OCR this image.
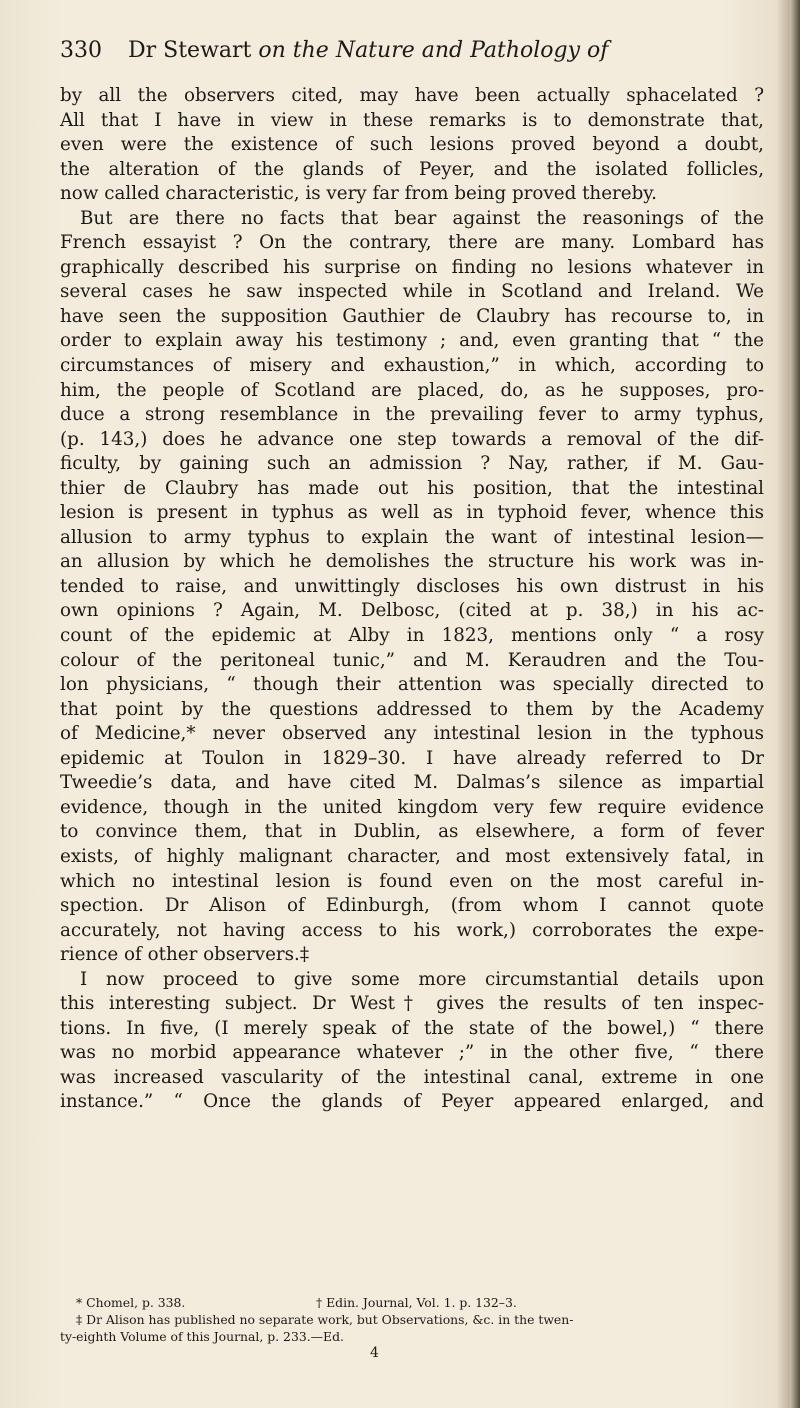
330 Dr Stewart on the Nature and Pathology of
by all the observers cited, may have been actually sphacelated ?
All that I have in view in these remarks is to demonstrate that,
even were the existence of such lesions proved beyond a doubt,
the alteration of the glands of Peyer, and the isolated follicles,
now called characteristic, is very far from being proved thereby.
But are there no facts that bear against the reasonings of the
French essayist ? On the contrary, there are many. Lombard has
graphically described his surprise on finding no lesions whatever in
several cases he saw inspected while in Scotland and Ireland. We
have seen the supposition Gauthier de Claubry has recourse to, in
order to explain away his testimony ; and, even granting that “ the
circumstances of misery and exhaustion,” in which, according to
him, the people of Scotland are placed, do, as he supposes, pro-
duce a strong resemblance in the prevailing fever to army typhus,
(p. 143,) does he advance one step towards a removal of the dif-
ficulty, by gaining such an admission ? Nay, rather, if M. Gau-
thier de Claubry has made out his position, that the intestinal
lesion is present in typhus as well as in typhoid fever, whence this
allusion to army typhus to explain the want of intestinal lesion—
an allusion by which he demolishes the structure his work was in-
tended to raise, and unwittingly discloses his own distrust in his
own opinions ? Again, M. Delbosc, (cited at p. 38,) in his ac-
count of the epidemic at Alby in 1823, mentions only “ a rosy
colour of the peritoneal tunic,” and M. Keraudren and the Tou-
lon physicians, “ though their attention was specially directed to
that point by the questions addressed to them by the Academy
of Medicine,* never observed any intestinal lesion in the typhous
epidemic at Toulon in 1829–30. I have already referred to Dr
Tweedie’s data, and have cited M. Dalmas’s silence as impartial
evidence, though in the united kingdom very few require evidence
to convince them, that in Dublin, as elsewhere, a form of fever
exists, of highly malignant character, and most extensively fatal, in
which no intestinal lesion is found even on the most careful in-
spection. Dr Alison of Edinburgh, (from whom I cannot quote
accurately, not having access to his work,) corroborates the expe-
rience of other observers.‡
I now proceed to give some more circumstantial details upon
this interesting subject. Dr West† gives the results of ten inspec-
tions. In five, (I merely speak of the state of the bowel,) “ there
was no morbid appearance whatever ;” in the other five, “ there
was increased vascularity of the intestinal canal, extreme in one
instance.” “ Once the glands of Peyer appeared enlarged, and
* Chomel, p. 338.	† Edin. Journal, Vol. 1. p. 132–3.
‡ Dr Alison has published no separate work, but Observations, &c. in the twen-
ty-eighth Volume of this Journal, p. 233.—Ed.
4
